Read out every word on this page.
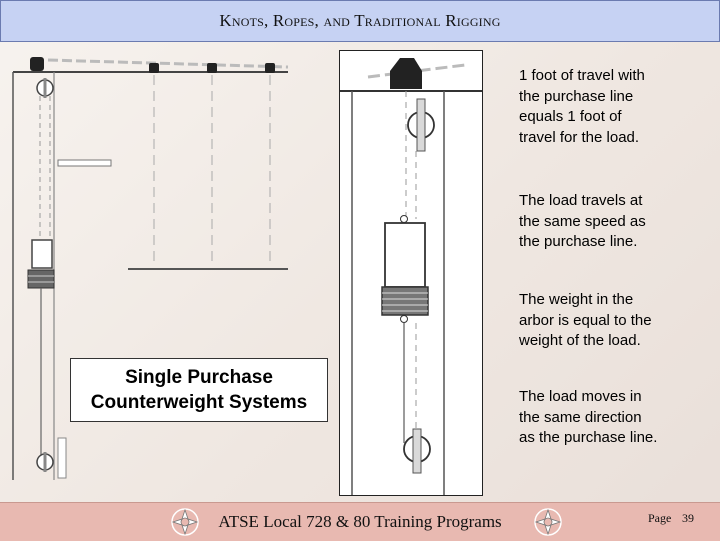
Knots, Ropes, and Traditional Rigging
Single Purchase
Counterweight Systems
1 foot of travel with the purchase line equals 1 foot of travel for the load.
The load travels at the same speed as the purchase line.
The weight in the arbor is equal to the weight of the load.
The load moves in the same direction as the purchase line.
ATSE Local 728 & 80 Training Programs	Page 39
